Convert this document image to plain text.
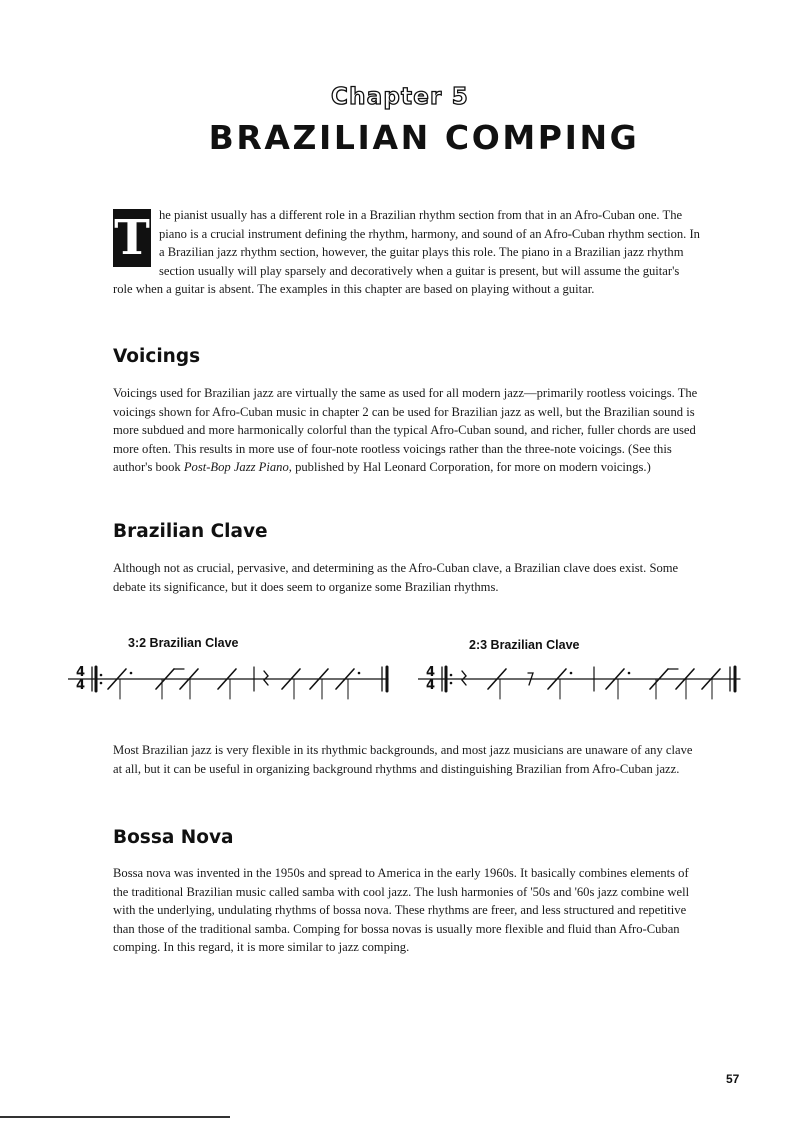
Chapter 5
BRAZILIAN COMPING
T he pianist usually has a different role in a Brazilian rhythm section from that in an Afro-Cuban one. The piano is a crucial instrument defining the rhythm, harmony, and sound of an Afro-Cuban rhythm section. In a Brazilian jazz rhythm section, however, the guitar plays this role. The piano in a Brazilian jazz rhythm section usually will play sparsely and decoratively when a guitar is present, but will assume the guitar's role when a guitar is absent. The examples in this chapter are based on playing without a guitar.
Voicings

Voicings used for Brazilian jazz are virtually the same as used for all modern jazz—primarily rootless voicings. The voicings shown for Afro-Cuban music in chapter 2 can be used for Brazilian jazz as well, but the Brazilian sound is more subdued and more harmonically colorful than the typical Afro-Cuban sound, and richer, fuller chords are used more often. This results in more use of four-note rootless voicings rather than the three-note voicings. (See this author's book Post-Bop Jazz Piano, published by Hal Leonard Corporation, for more on modern voicings.)

Brazilian Clave

Although not as crucial, pervasive, and determining as the Afro-Cuban clave, a Brazilian clave does exist. Some debate its significance, but it does seem to organize some Brazilian rhythms.

3:2 Brazilian Clave	2:3 Brazilian Clave
4
4
4
4

Most Brazilian jazz is very flexible in its rhythmic backgrounds, and most jazz musicians are unaware of any clave at all, but it can be useful in organizing background rhythms and distinguishing Brazilian from Afro-Cuban jazz.

Bossa Nova

Bossa nova was invented in the 1950s and spread to America in the early 1960s. It basically combines elements of the traditional Brazilian music called samba with cool jazz. The lush harmonies of '50s and '60s jazz combine well with the underlying, undulating rhythms of bossa nova. These rhythms are freer, and less structured and repetitive than those of the traditional samba. Comping for bossa novas is usually more flexible and fluid than Afro-Cuban comping. In this regard, it is more similar to jazz comping.

57
